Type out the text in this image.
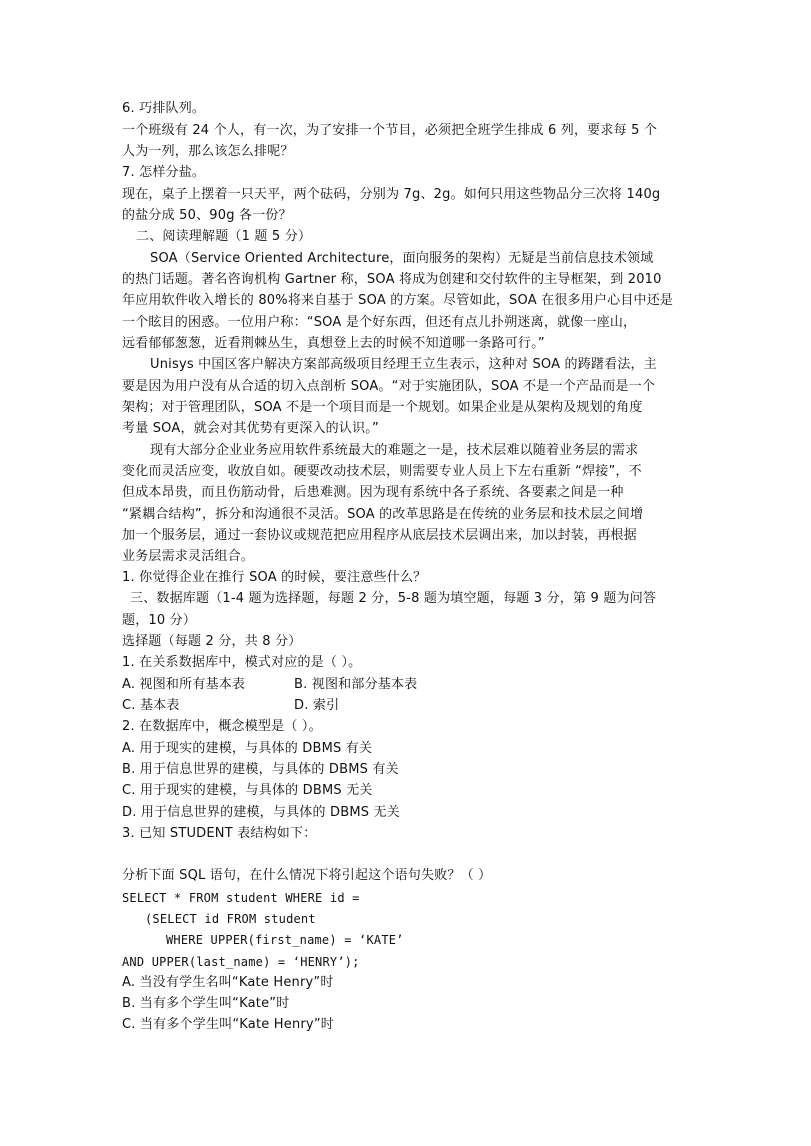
6. 巧排队列。
一个班级有 24 个人，有一次，为了安排一个节目，必须把全班学生排成 6 列，要求每 5 个
人为一列，那么该怎么排呢？
7. 怎样分盐。
现在，桌子上摆着一只天平，两个砝码，分别为 7g、2g。如何只用这些物品分三次将 140g
的盐分成 50、90g 各一份？
二、阅读理解题（1 题 5 分）
SOA（Service Oriented Architecture，面向服务的架构）无疑是当前信息技术领域
的热门话题。著名咨询机构 Gartner 称，SOA 将成为创建和交付软件的主导框架，到 2010
年应用软件收入增长的 80%将来自基于 SOA 的方案。尽管如此，SOA 在很多用户心目中还是
一个眩目的困惑。一位用户称：“SOA 是个好东西，但还有点儿扑朔迷离，就像一座山，
远看郁郁葱葱，近看荆棘丛生，真想登上去的时候不知道哪一条路可行。”
Unisys 中国区客户解决方案部高级项目经理王立生表示，这种对 SOA 的踌躇看法，主
要是因为用户没有从合适的切入点剖析 SOA。“对于实施团队，SOA 不是一个产品而是一个
架构；对于管理团队，SOA 不是一个项目而是一个规划。如果企业是从架构及规划的角度
考量 SOA，就会对其优势有更深入的认识。”
现有大部分企业业务应用软件系统最大的难题之一是，技术层难以随着业务层的需求
变化而灵活应变，收放自如。硬要改动技术层，则需要专业人员上下左右重新 “焊接”，不
但成本昂贵，而且伤筋动骨，后患难测。因为现有系统中各子系统、各要素之间是一种
“紧耦合结构”，拆分和沟通很不灵活。SOA 的改革思路是在传统的业务层和技术层之间增
加一个服务层，通过一套协议或规范把应用程序从底层技术层调出来，加以封装，再根据
业务层需求灵活组合。
1. 你觉得企业在推行 SOA 的时候，要注意些什么？
三、数据库题（1-4 题为选择题，每题 2 分，5-8 题为填空题，每题 3 分，第 9 题为问答
题，10 分）
选择题（每题 2 分，共 8 分）
1. 在关系数据库中，模式对应的是（ ）。
A. 视图和所有基本表	B. 视图和部分基本表
C. 基本表	D. 索引
2. 在数据库中，概念模型是（ ）。
A. 用于现实的建模，与具体的 DBMS 有关
B. 用于信息世界的建模，与具体的 DBMS 有关
C. 用于现实的建模，与具体的 DBMS 无关
D. 用于信息世界的建模，与具体的 DBMS 无关
3. 已知 STUDENT 表结构如下：
分析下面 SQL 语句，在什么情况下将引起这个语句失败？（ ）
SELECT * FROM student WHERE id =
(SELECT id FROM student
WHERE UPPER(first_name) = ‘KATE’
AND UPPER(last_name) = ‘HENRY’);
A. 当没有学生名叫“Kate Henry”时
B. 当有多个学生叫“Kate”时
C. 当有多个学生叫“Kate Henry”时
